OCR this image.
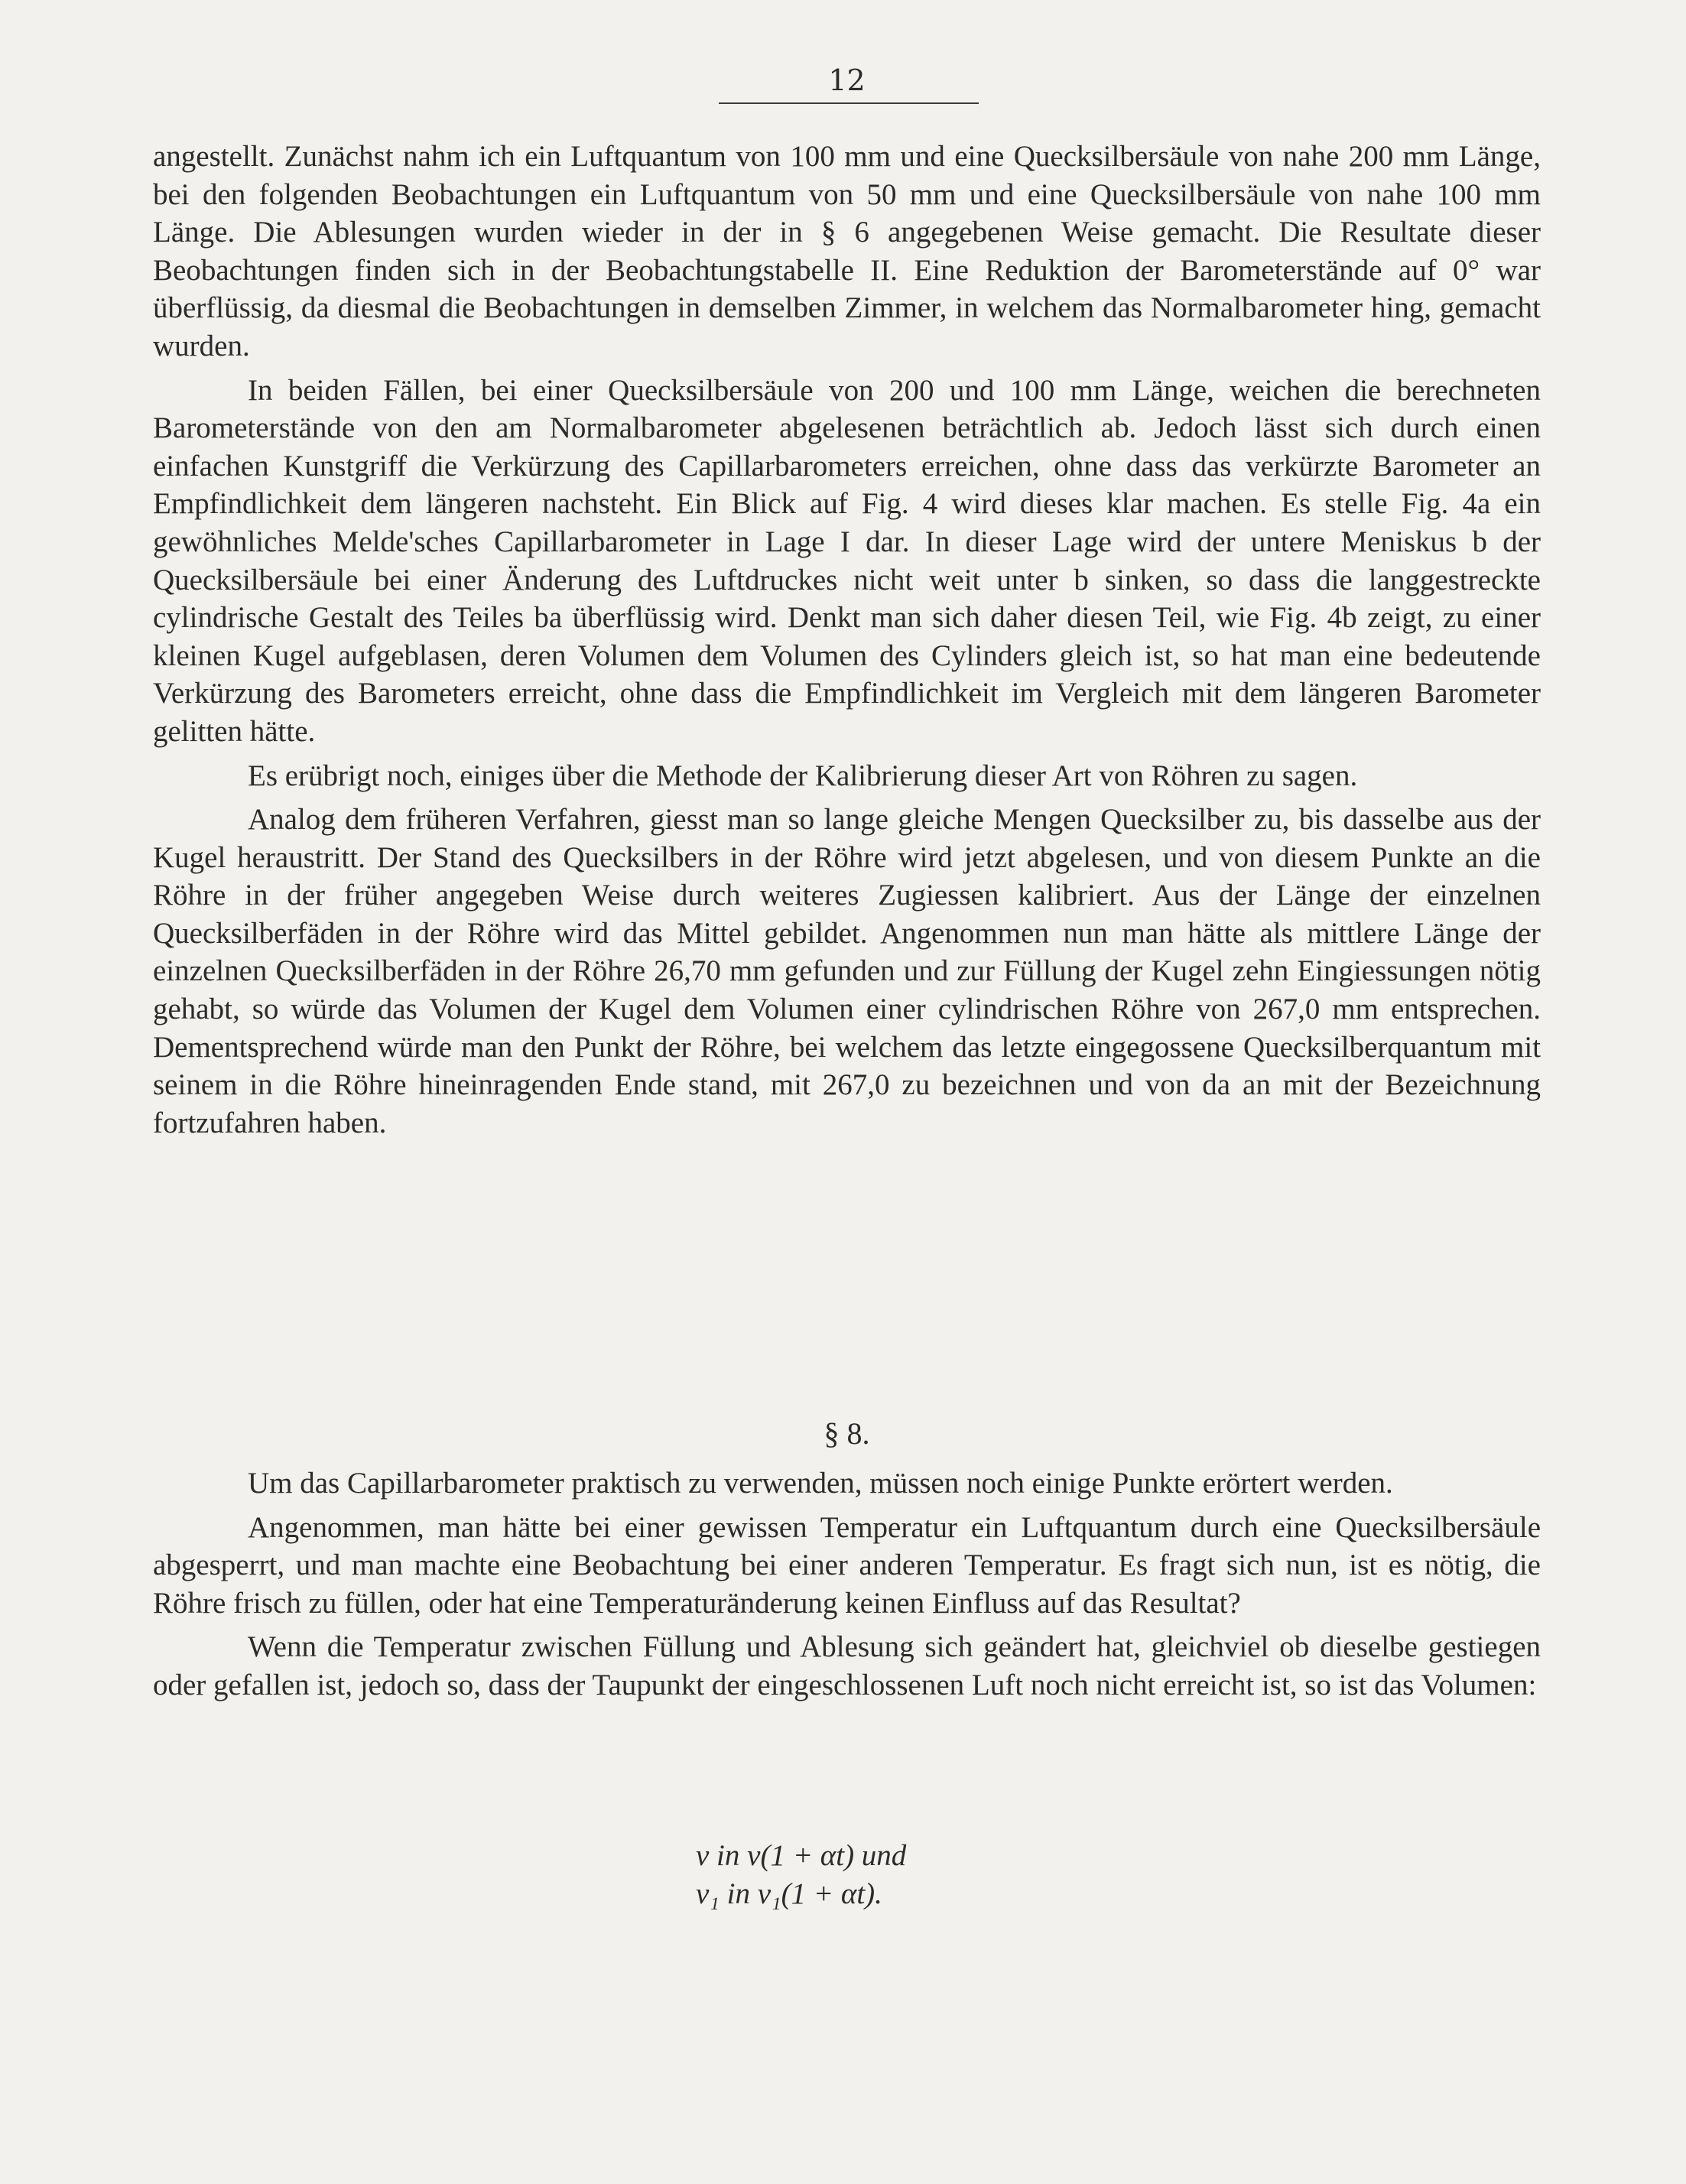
12

angestellt. Zunächst nahm ich ein Luftquantum von 100 mm und eine Quecksilbersäule von nahe 200 mm Länge, bei den folgenden Beobachtungen ein Luftquantum von 50 mm und eine Quecksilbersäule von nahe 100 mm Länge. Die Ablesungen wurden wieder in der in § 6 angegebenen Weise gemacht. Die Resultate dieser Beobachtungen finden sich in der Beobachtungstabelle II. Eine Reduktion der Barometerstände auf 0° war überflüssig, da diesmal die Beobachtungen in demselben Zimmer, in welchem das Normalbarometer hing, gemacht wurden.

In beiden Fällen, bei einer Quecksilbersäule von 200 und 100 mm Länge, weichen die berechneten Barometerstände von den am Normalbarometer abgelesenen beträchtlich ab. Jedoch lässt sich durch einen einfachen Kunstgriff die Verkürzung des Capillarbarometers erreichen, ohne dass das verkürzte Barometer an Empfindlichkeit dem längeren nachsteht. Ein Blick auf Fig. 4 wird dieses klar machen. Es stelle Fig. 4a ein gewöhnliches Melde'sches Capillarbarometer in Lage I dar. In dieser Lage wird der untere Meniskus b der Quecksilbersäule bei einer Änderung des Luftdruckes nicht weit unter b sinken, so dass die langgestreckte cylindrische Gestalt des Teiles ba überflüssig wird. Denkt man sich daher diesen Teil, wie Fig. 4b zeigt, zu einer kleinen Kugel aufgeblasen, deren Volumen dem Volumen des Cylinders gleich ist, so hat man eine bedeutende Verkürzung des Barometers erreicht, ohne dass die Empfindlichkeit im Vergleich mit dem längeren Barometer gelitten hätte.

Es erübrigt noch, einiges über die Methode der Kalibrierung dieser Art von Röhren zu sagen.

Analog dem früheren Verfahren, giesst man so lange gleiche Mengen Quecksilber zu, bis dasselbe aus der Kugel heraustritt. Der Stand des Quecksilbers in der Röhre wird jetzt abgelesen, und von diesem Punkte an die Röhre in der früher angegeben Weise durch weiteres Zugiessen kalibriert. Aus der Länge der einzelnen Quecksilberfäden in der Röhre wird das Mittel gebildet. Angenommen nun man hätte als mittlere Länge der einzelnen Quecksilberfäden in der Röhre 26,70 mm gefunden und zur Füllung der Kugel zehn Eingiessungen nötig gehabt, so würde das Volumen der Kugel dem Volumen einer cylindrischen Röhre von 267,0 mm entsprechen. Dementsprechend würde man den Punkt der Röhre, bei welchem das letzte eingegossene Quecksilberquantum mit seinem in die Röhre hineinragenden Ende stand, mit 267,0 zu bezeichnen und von da an mit der Bezeichnung fortzufahren haben.

§ 8.

Um das Capillarbarometer praktisch zu verwenden, müssen noch einige Punkte erörtert werden.

Angenommen, man hätte bei einer gewissen Temperatur ein Luftquantum durch eine Quecksilbersäule abgesperrt, und man machte eine Beobachtung bei einer anderen Temperatur. Es fragt sich nun, ist es nötig, die Röhre frisch zu füllen, oder hat eine Temperaturänderung keinen Einfluss auf das Resultat?

Wenn die Temperatur zwischen Füllung und Ablesung sich geändert hat, gleichviel ob dieselbe gestiegen oder gefallen ist, jedoch so, dass der Taupunkt der eingeschlossenen Luft noch nicht erreicht ist, so ist das Volumen:

v in v(1 + αt) und
v₁ in v₁(1 + αt).
